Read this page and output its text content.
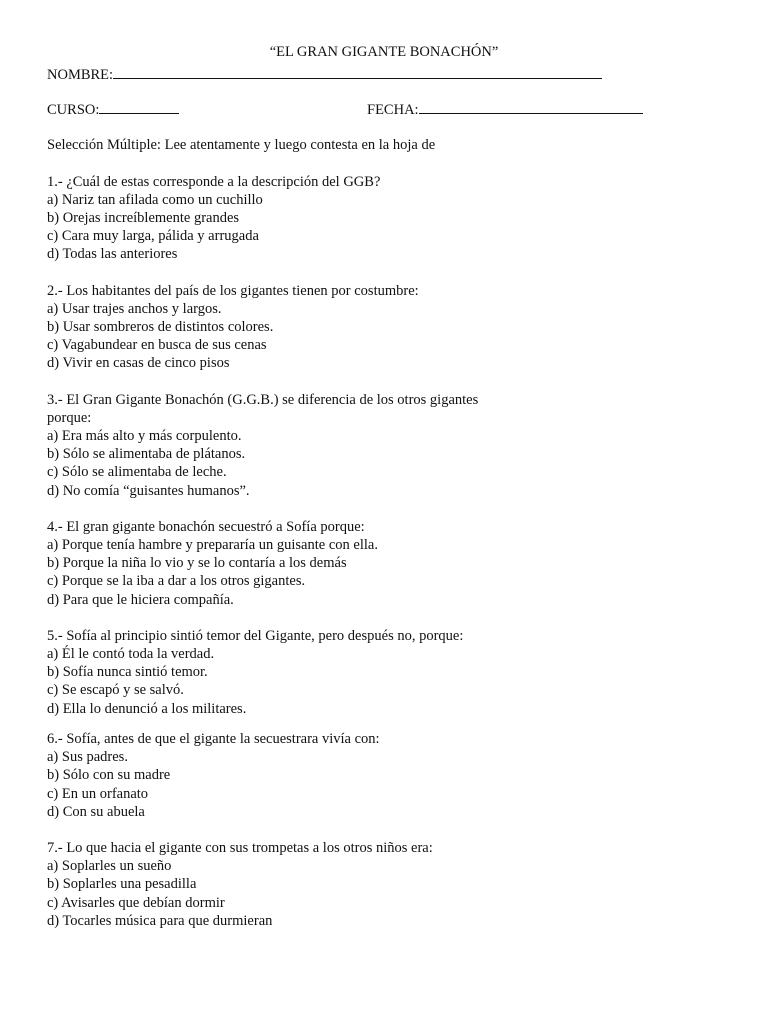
“EL GRAN GIGANTE BONACHÓN”
NOMBRE:
CURSO:	FECHA:
Selección Múltiple: Lee atentamente y luego contesta en la hoja de
1.- ¿Cuál de estas corresponde a la descripción del GGB?
a) Nariz tan afilada como un cuchillo
b) Orejas increíblemente grandes
c) Cara muy larga, pálida y arrugada
d) Todas las anteriores
2.- Los habitantes del país de los gigantes tienen por costumbre:
a) Usar trajes anchos y largos.
b) Usar sombreros de distintos colores.
c) Vagabundear en busca de sus cenas
d) Vivir en casas de cinco pisos
3.- El Gran Gigante Bonachón (G.G.B.) se diferencia de los otros gigantes
porque:
a) Era más alto y más corpulento.
b) Sólo se alimentaba de plátanos.
c) Sólo se alimentaba de leche.
d) No comía “guisantes humanos”.
4.- El gran gigante bonachón secuestró a Sofía porque:
a) Porque tenía hambre y prepararía un guisante con ella.
b) Porque la niña lo vio y se lo contaría a los demás
c) Porque se la iba a dar a los otros gigantes.
d) Para que le hiciera compañía.
5.- Sofía al principio sintió temor del Gigante, pero después no, porque:
a) Él le contó toda la verdad.
b) Sofía nunca sintió temor.
c) Se escapó y se salvó.
d) Ella lo denunció a los militares.
6.- Sofía, antes de que el gigante la secuestrara vivía con:
a) Sus padres.
b) Sólo con su madre
c) En un orfanato
d) Con su abuela
7.- Lo que hacia el gigante con sus trompetas a los otros niños era:
a) Soplarles un sueño
b) Soplarles una pesadilla
c) Avisarles que debían dormir
d) Tocarles música para que durmieran
